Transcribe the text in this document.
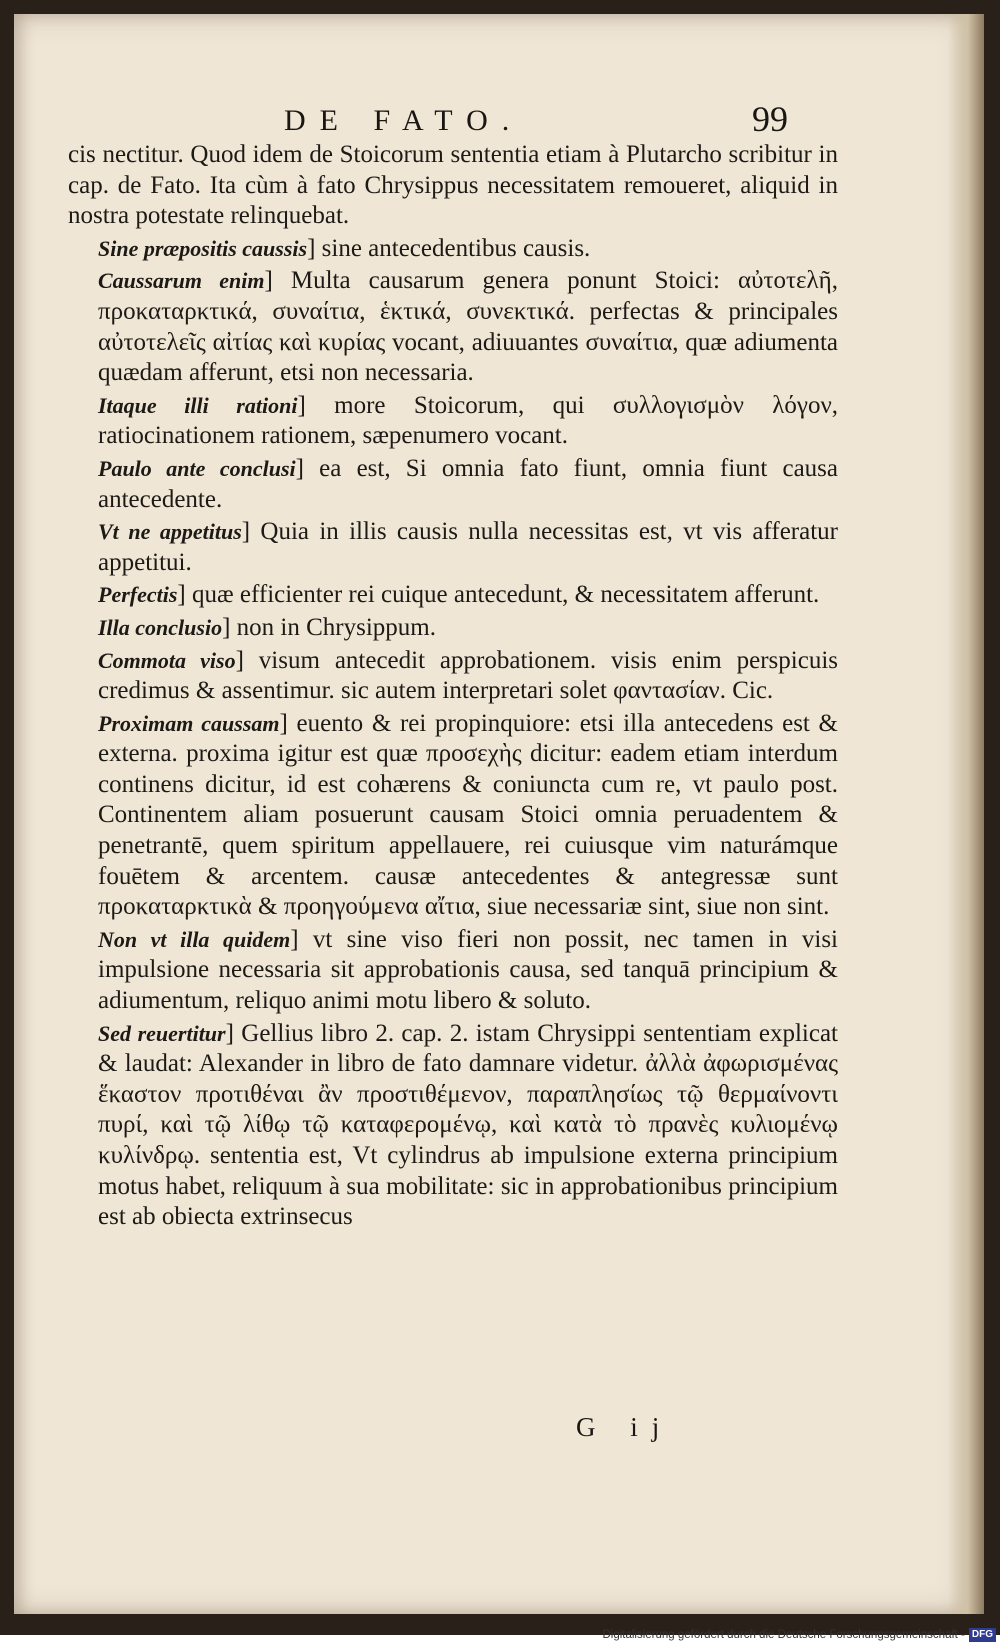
DE FATO.	99

cis nectitur. Quod idem de Stoicorum sententia etiam à Plutarcho scribitur in cap. de Fato. Ita cùm à fato Chrysippus necessitatem remoueret, aliquid in nostra potestate relinquebat.

Sine præpositis caussis] sine antecedentibus causis.

Caussarum enim] Multa causarum genera ponunt Stoici: αὐτοτελῆ, προκαταρκτικά, συναίτια, ἑκτικά, συνεκτικά. perfectas & principales αὐτοτελεῖς αἰτίας καὶ κυρίας vocant, adiuuantes συναίτια, quæ adiumenta quædam afferunt, etsi non necessaria.

Itaque illi rationi] more Stoicorum, qui συλλογισμὸν λόγον, ratiocinationem rationem, sæpenumero vocant.

Paulo ante conclusi] ea est, Si omnia fato fiunt, omnia fiunt causa antecedente.

Vt ne appetitus] Quia in illis causis nulla necessitas est, vt vis afferatur appetitui.

Perfectis] quæ efficienter rei cuique antecedunt, & necessitatem afferunt.

Illa conclusio] non in Chrysippum.

Commota viso] visum antecedit approbationem. visis enim perspicuis credimus & assentimur. sic autem interpretari solet φαντασίαν. Cic.

Proximam caussam] euento & rei propinquiore: etsi illa antecedens est & externa. proxima igitur est quæ προσεχὴς dicitur: eadem etiam interdum continens dicitur, id est cohærens & coniuncta cum re, vt paulo post. Continentem aliam posuerunt causam Stoici omnia peruadentem & penetrantē, quem spiritum appellauere, rei cuiusque vim naturámque fouētem & arcentem. causæ antecedentes & antegressæ sunt προκαταρκτικὰ & προηγούμενα αἴτια, siue necessariæ sint, siue non sint.

Non vt illa quidem] vt sine viso fieri non possit, nec tamen in visi impulsione necessaria sit approbationis causa, sed tanquā principium & adiumentum, reliquo animi motu libero & soluto.

Sed reuertitur] Gellius libro 2. cap. 2. istam Chrysippi sententiam explicat & laudat: Alexander in libro de fato damnare videtur. ἀλλὰ ἀφωρισμένας ἕκαστον προτιθέναι ἂν προστιθέμενον, παραπλησίως τῷ θερμαίνοντι πυρί, καὶ τῷ λίθῳ τῷ καταφερομένῳ, καὶ κατὰ τὸ πρανὲς κυλιομένῳ κυλίνδρῳ. sententia est, Vt cylindrus ab impulsione externa principium motus habet, reliquum à sua mobilitate: sic in approbationibus principium est ab obiecta extrinsecus

G ij
Digitalisierung gefördert durch die Deutsche Forschungsgemeinschaft - DFG
